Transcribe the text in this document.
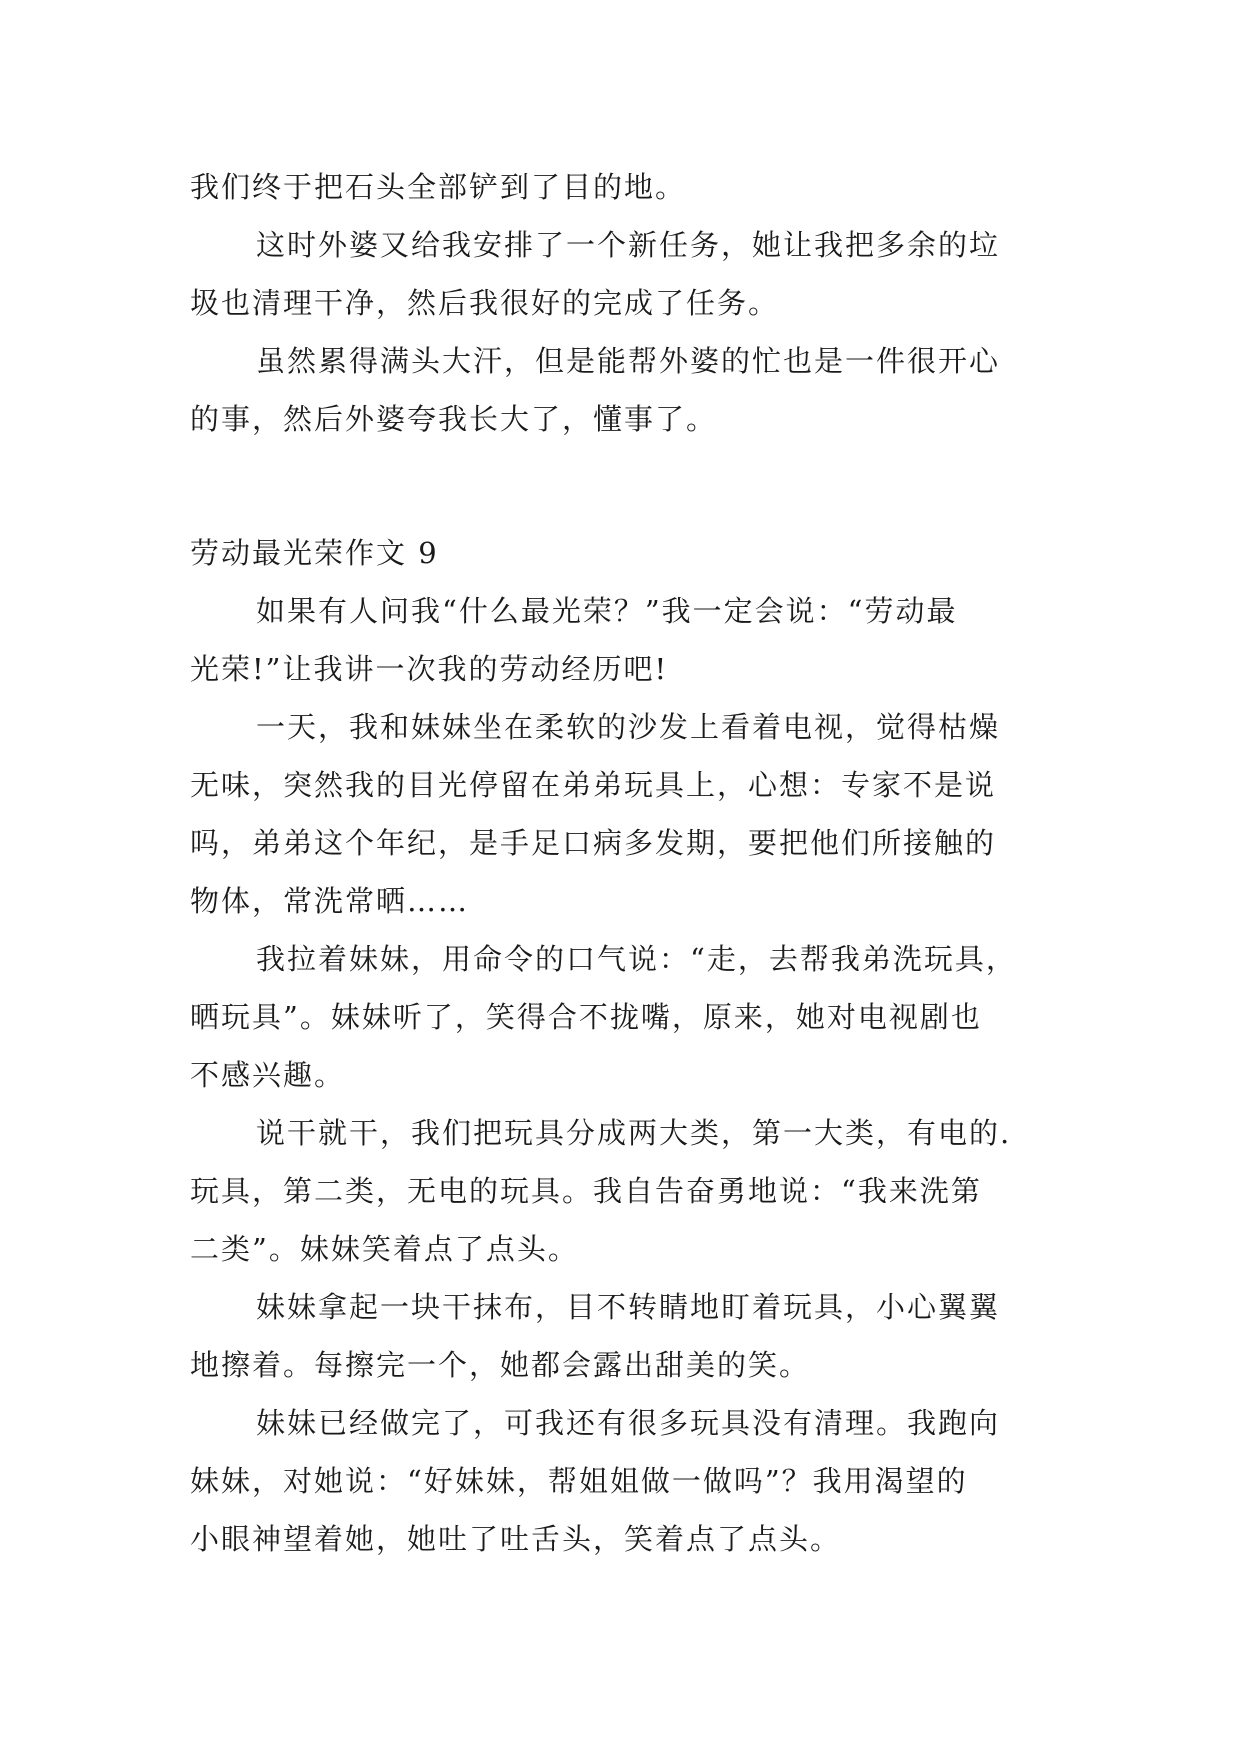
我们终于把石头全部铲到了目的地。
这时外婆又给我安排了一个新任务，她让我把多余的垃
圾也清理干净，然后我很好的完成了任务。
虽然累得满头大汗，但是能帮外婆的忙也是一件很开心
的事，然后外婆夸我长大了，懂事了。
劳动最光荣作文 9
如果有人问我“什么最光荣？”我一定会说：“劳动最
光荣!”让我讲一次我的劳动经历吧!
一天，我和妹妹坐在柔软的沙发上看着电视，觉得枯燥
无味，突然我的目光停留在弟弟玩具上，心想：专家不是说
吗，弟弟这个年纪，是手足口病多发期，要把他们所接触的
物体，常洗常晒……
我拉着妹妹，用命令的口气说：“走，去帮我弟洗玩具，
晒玩具”。妹妹听了，笑得合不拢嘴，原来，她对电视剧也
不感兴趣。
说干就干，我们把玩具分成两大类，第一大类，有电的.
玩具，第二类，无电的玩具。我自告奋勇地说：“我来洗第
二类”。妹妹笑着点了点头。
妹妹拿起一块干抹布，目不转睛地盯着玩具，小心翼翼
地擦着。每擦完一个，她都会露出甜美的笑。
妹妹已经做完了，可我还有很多玩具没有清理。我跑向
妹妹，对她说：“好妹妹，帮姐姐做一做吗”？我用渴望的
小眼神望着她，她吐了吐舌头，笑着点了点头。
